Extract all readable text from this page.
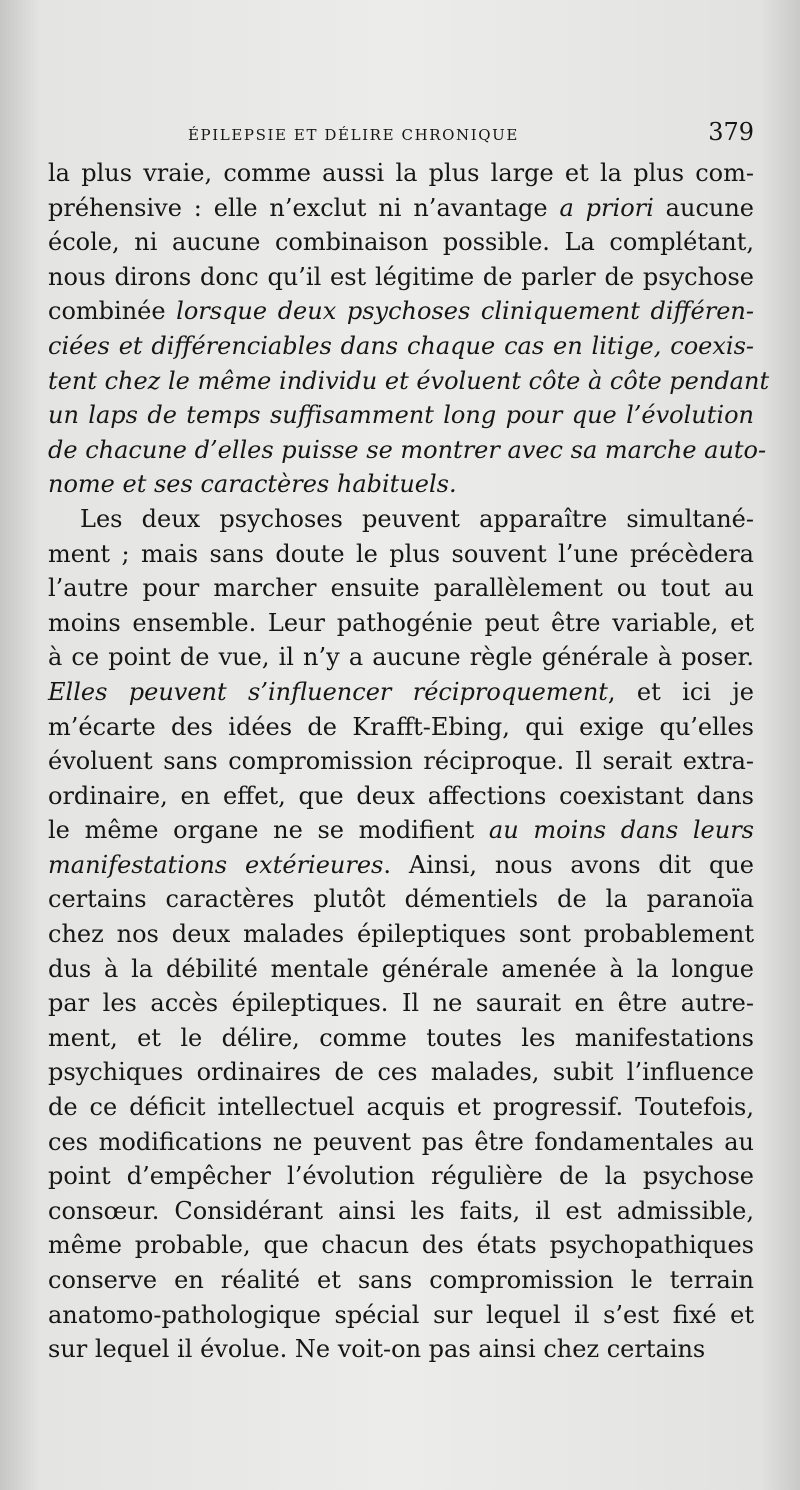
ÉPILEPSIE ET DÉLIRE CHRONIQUE	379
la plus vraie, comme aussi la plus large et la plus com-
préhensive : elle n’exclut ni n’avantage a priori aucune
école, ni aucune combinaison possible. La complétant,
nous dirons donc qu’il est légitime de parler de psychose
combinée lorsque deux psychoses cliniquement différen-
ciées et différenciables dans chaque cas en litige, coexis-
tent chez le même individu et évoluent côte à côte pendant
un laps de temps suffisamment long pour que l’évolution
de chacune d’elles puisse se montrer avec sa marche auto-
nome et ses caractères habituels.
Les deux psychoses peuvent apparaître simultané-
ment ; mais sans doute le plus souvent l’une précèdera
l’autre pour marcher ensuite parallèlement ou tout au
moins ensemble. Leur pathogénie peut être variable, et
à ce point de vue, il n’y a aucune règle générale à poser.
Elles peuvent s’influencer réciproquement, et ici je
m’écarte des idées de Krafft-Ebing, qui exige qu’elles
évoluent sans compromission réciproque. Il serait extra-
ordinaire, en effet, que deux affections coexistant dans
le même organe ne se modifient au moins dans leurs
manifestations extérieures. Ainsi, nous avons dit que
certains caractères plutôt démentiels de la paranoïa
chez nos deux malades épileptiques sont probablement
dus à la débilité mentale générale amenée à la longue
par les accès épileptiques. Il ne saurait en être autre-
ment, et le délire, comme toutes les manifestations
psychiques ordinaires de ces malades, subit l’influence
de ce déficit intellectuel acquis et progressif. Toutefois,
ces modifications ne peuvent pas être fondamentales au
point d’empêcher l’évolution régulière de la psychose
consœur. Considérant ainsi les faits, il est admissible,
même probable, que chacun des états psychopathiques
conserve en réalité et sans compromission le terrain
anatomo-pathologique spécial sur lequel il s’est fixé et
sur lequel il évolue. Ne voit-on pas ainsi chez certains
